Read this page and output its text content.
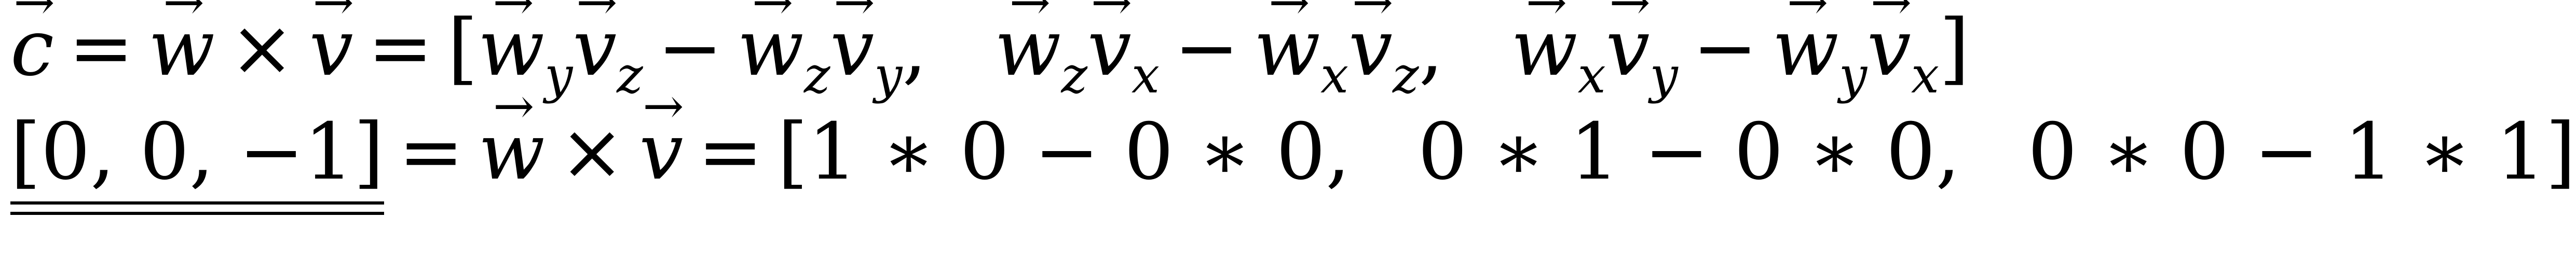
→ c =→ w ×→ v = [→ $w_y\to v_z -\to w_z\to v_y,\to w_z\to v_x -\to w_x\to v_z,\to w_x\to v_y -\to w_y\to v_x$]
[0, 0, −1] =→ w ×→ v = [1 ∗ 0 − 0 ∗ 0, 0 ∗ 1 − 0 ∗ 0, 0 ∗ 0 − 1 ∗ 1]
